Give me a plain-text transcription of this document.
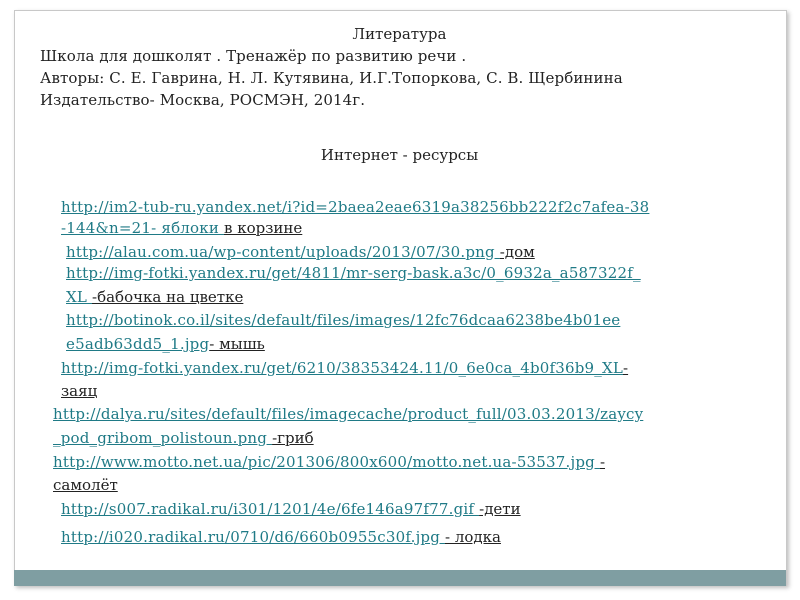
Литература
Школа для дошколят . Тренажёр по развитию речи .
Авторы: С. Е. Гаврина, Н. Л. Кутявина, И.Г.Топоркова, С. В. Щербинина
Издательство- Москва, РОСМЭН, 2014г.
Интернет - ресурсы
http://im2-tub-ru.yandex.net/i?id=2baea2eae6319a38256bb222f2c7afea-38
-144&n=21- яблоки в корзине
http://alau.com.ua/wp-content/uploads/2013/07/30.png -дом
http://img-fotki.yandex.ru/get/4811/mr-serg-bask.a3c/0_6932a_a587322f_
XL -бабочка на цветке
http://botinok.co.il/sites/default/files/images/12fc76dcaa6238be4b01ee
e5adb63dd5_1.jpg- мышь
http://img-fotki.yandex.ru/get/6210/38353424.11/0_6e0ca_4b0f36b9_XL-
заяц
http://dalya.ru/sites/default/files/imagecache/product_full/03.03.2013/zaycy
_pod_gribom_polistoun.png -гриб
http://www.motto.net.ua/pic/201306/800x600/motto.net.ua-53537.jpg -
самолёт
http://s007.radikal.ru/i301/1201/4e/6fe146a97f77.gif -дети
http://i020.radikal.ru/0710/d6/660b0955c30f.jpg - лодка
